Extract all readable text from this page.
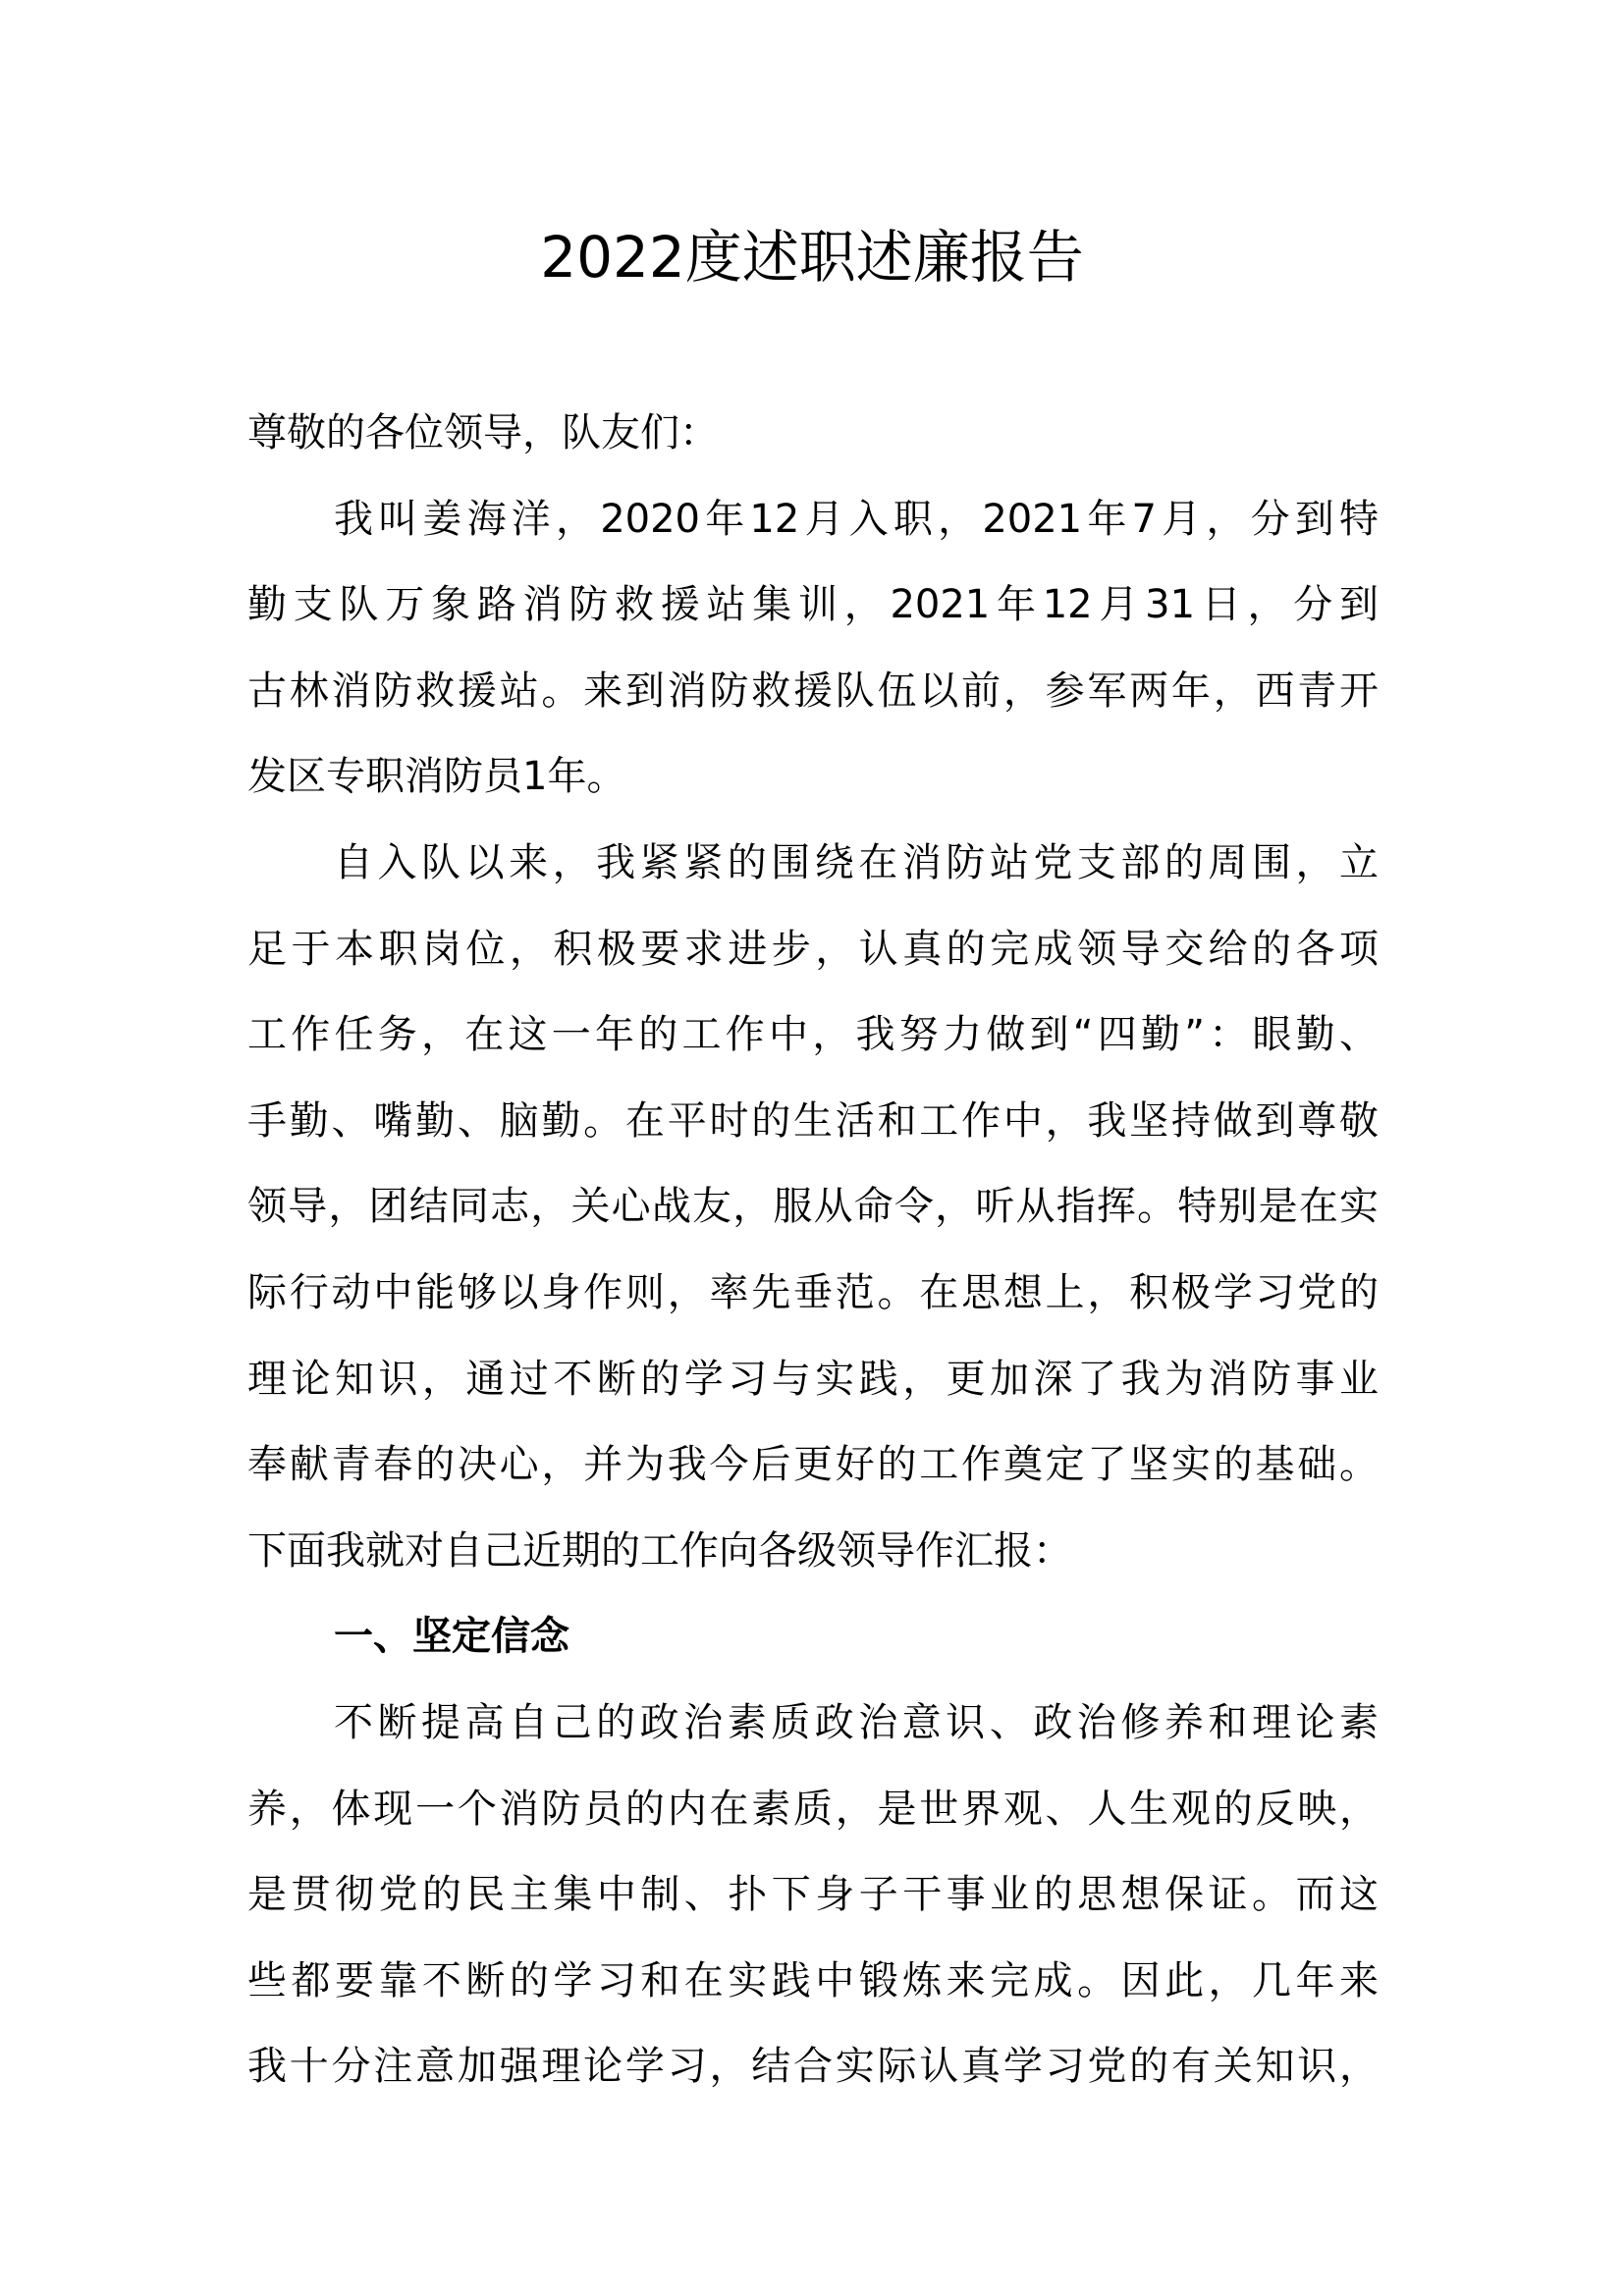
2022度述职述廉报告
尊敬的各位领导，队友们：
我叫姜海洋，2020年12月入职，2021年7月，分到特
勤支队万象路消防救援站集训，2021年12月31日，分到
古林消防救援站。来到消防救援队伍以前，参军两年，西青开
发区专职消防员1年。
自入队以来，我紧紧的围绕在消防站党支部的周围，立
足于本职岗位，积极要求进步，认真的完成领导交给的各项
工作任务，在这一年的工作中，我努力做到“四勤”：眼勤、
手勤、嘴勤、脑勤。在平时的生活和工作中，我坚持做到尊敬
领导，团结同志，关心战友，服从命令，听从指挥。特别是在实
际行动中能够以身作则，率先垂范。在思想上，积极学习党的
理论知识，通过不断的学习与实践，更加深了我为消防事业
奉献青春的决心，并为我今后更好的工作奠定了坚实的基础。
下面我就对自己近期的工作向各级领导作汇报：
一、坚定信念
不断提高自己的政治素质政治意识、政治修养和理论素
养，体现一个消防员的内在素质，是世界观、人生观的反映，
是贯彻党的民主集中制、扑下身子干事业的思想保证。而这
些都要靠不断的学习和在实践中锻炼来完成。因此，几年来
我十分注意加强理论学习，结合实际认真学习党的有关知识，
